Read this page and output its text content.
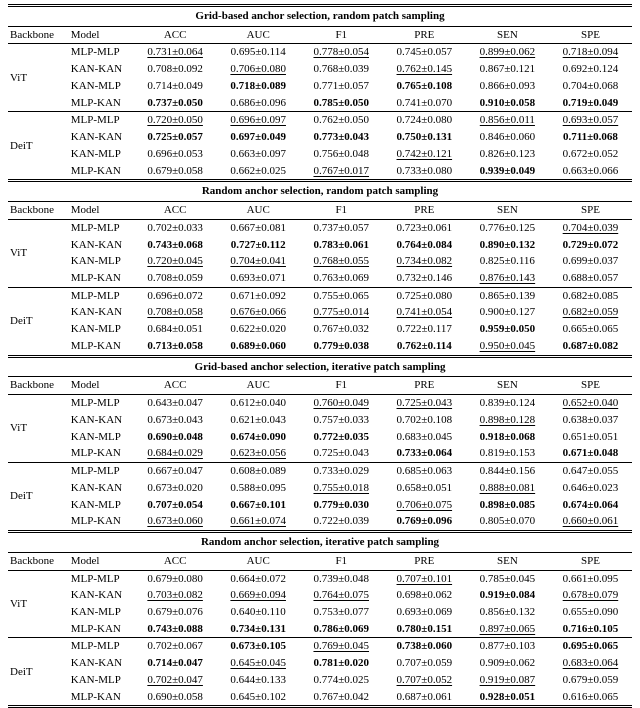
Grid-based anchor selection, random patch sampling							
Backbone	Model	ACC	AUC	F1	PRE	SEN	SPE
ViT	MLP-MLP	0.731±0.064	0.695±0.114	0.778±0.054	0.745±0.057	0.899±0.062	0.718±0.094
	KAN-KAN	0.708±0.092	0.706±0.080	0.768±0.039	0.762±0.145	0.867±0.121	0.692±0.124
	KAN-MLP	0.714±0.049	0.718±0.089	0.771±0.057	0.765±0.108	0.866±0.093	0.704±0.068
	MLP-KAN	0.737±0.050	0.686±0.096	0.785±0.050	0.741±0.070	0.910±0.058	0.719±0.049
DeiT	MLP-MLP	0.720±0.050	0.696±0.097	0.762±0.050	0.724±0.080	0.856±0.011	0.693±0.057
	KAN-KAN	0.725±0.057	0.697±0.049	0.773±0.043	0.750±0.131	0.846±0.060	0.711±0.068
	KAN-MLP	0.696±0.053	0.663±0.097	0.756±0.048	0.742±0.121	0.826±0.123	0.672±0.052
	MLP-KAN	0.679±0.058	0.662±0.025	0.767±0.017	0.733±0.080	0.939±0.049	0.663±0.066
Random anchor selection, random patch sampling							
Backbone	Model	ACC	AUC	F1	PRE	SEN	SPE
ViT	MLP-MLP	0.702±0.033	0.667±0.081	0.737±0.057	0.723±0.061	0.776±0.125	0.704±0.039
	KAN-KAN	0.743±0.068	0.727±0.112	0.783±0.061	0.764±0.084	0.890±0.132	0.729±0.072
	KAN-MLP	0.720±0.045	0.704±0.041	0.768±0.055	0.734±0.082	0.825±0.116	0.699±0.037
	MLP-KAN	0.708±0.059	0.693±0.071	0.763±0.069	0.732±0.146	0.876±0.143	0.688±0.057
DeiT	MLP-MLP	0.696±0.072	0.671±0.092	0.755±0.065	0.725±0.080	0.865±0.139	0.682±0.085
	KAN-KAN	0.708±0.058	0.676±0.066	0.775±0.014	0.741±0.054	0.900±0.127	0.682±0.059
	KAN-MLP	0.684±0.051	0.622±0.020	0.767±0.032	0.722±0.117	0.959±0.050	0.665±0.065
	MLP-KAN	0.713±0.058	0.689±0.060	0.779±0.038	0.762±0.114	0.950±0.045	0.687±0.082
Grid-based anchor selection, iterative patch sampling							
Backbone	Model	ACC	AUC	F1	PRE	SEN	SPE
ViT	MLP-MLP	0.643±0.047	0.612±0.040	0.760±0.049	0.725±0.043	0.839±0.124	0.652±0.040
	KAN-KAN	0.673±0.043	0.621±0.043	0.757±0.033	0.702±0.108	0.898±0.128	0.638±0.037
	KAN-MLP	0.690±0.048	0.674±0.090	0.772±0.035	0.683±0.045	0.918±0.068	0.651±0.051
	MLP-KAN	0.684±0.029	0.623±0.056	0.725±0.043	0.733±0.064	0.819±0.153	0.671±0.048
DeiT	MLP-MLP	0.667±0.047	0.608±0.089	0.733±0.029	0.685±0.063	0.844±0.156	0.647±0.055
	KAN-KAN	0.673±0.020	0.588±0.095	0.755±0.018	0.658±0.051	0.888±0.081	0.646±0.023
	KAN-MLP	0.707±0.054	0.667±0.101	0.779±0.030	0.706±0.075	0.898±0.085	0.674±0.064
	MLP-KAN	0.673±0.060	0.661±0.074	0.722±0.039	0.769±0.096	0.805±0.070	0.660±0.061
Random anchor selection, iterative patch sampling							
Backbone	Model	ACC	AUC	F1	PRE	SEN	SPE
ViT	MLP-MLP	0.679±0.080	0.664±0.072	0.739±0.048	0.707±0.101	0.785±0.045	0.661±0.095
	KAN-KAN	0.703±0.082	0.669±0.094	0.764±0.075	0.698±0.062	0.919±0.084	0.678±0.079
	KAN-MLP	0.679±0.076	0.640±0.110	0.753±0.077	0.693±0.069	0.856±0.132	0.655±0.090
	MLP-KAN	0.743±0.088	0.734±0.131	0.786±0.069	0.780±0.151	0.897±0.065	0.716±0.105
DeiT	MLP-MLP	0.702±0.067	0.673±0.105	0.769±0.045	0.738±0.060	0.877±0.103	0.695±0.065
	KAN-KAN	0.714±0.047	0.645±0.045	0.781±0.020	0.707±0.059	0.909±0.062	0.683±0.064
	KAN-MLP	0.702±0.047	0.644±0.133	0.774±0.025	0.707±0.052	0.919±0.087	0.679±0.059
	MLP-KAN	0.690±0.058	0.645±0.102	0.767±0.042	0.687±0.061	0.928±0.051	0.616±0.065
